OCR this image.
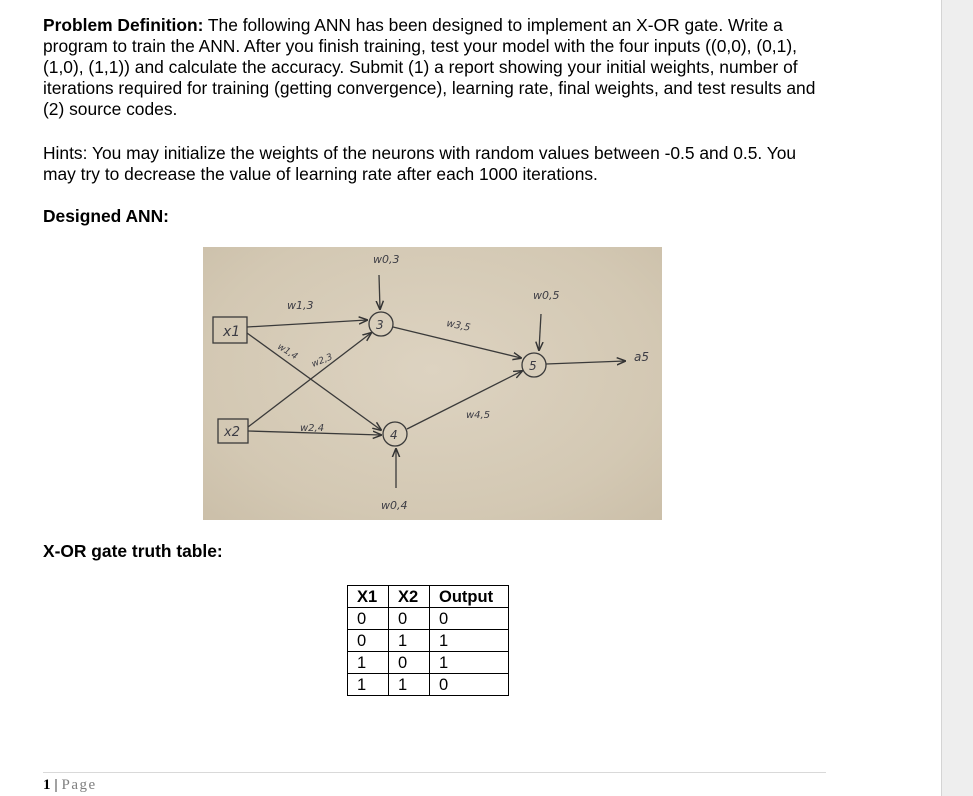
Problem Definition: The following ANN has been designed to implement an X-OR gate. Write a program to train the ANN. After you finish training, test your model with the four inputs ((0,0), (0,1), (1,0), (1,1)) and calculate the accuracy. Submit (1) a report showing your initial weights, number of iterations required for training (getting convergence), learning rate, final weights, and test results and (2) source codes.

Hints: You may initialize the weights of the neurons with random values between -0.5 and 0.5. You may try to decrease the value of learning rate after each 1000 iterations.

Designed ANN:

x1
x2
3
4
5
w0,3
w0,4
w0,5
w1,3
w1,4 w2,3
w2,4
w3,5
w4,5
a5

X-OR gate truth table:

X1	X2	Output
0	0	0
0	1	1
1	0	1
1	1	0
1 | Page
